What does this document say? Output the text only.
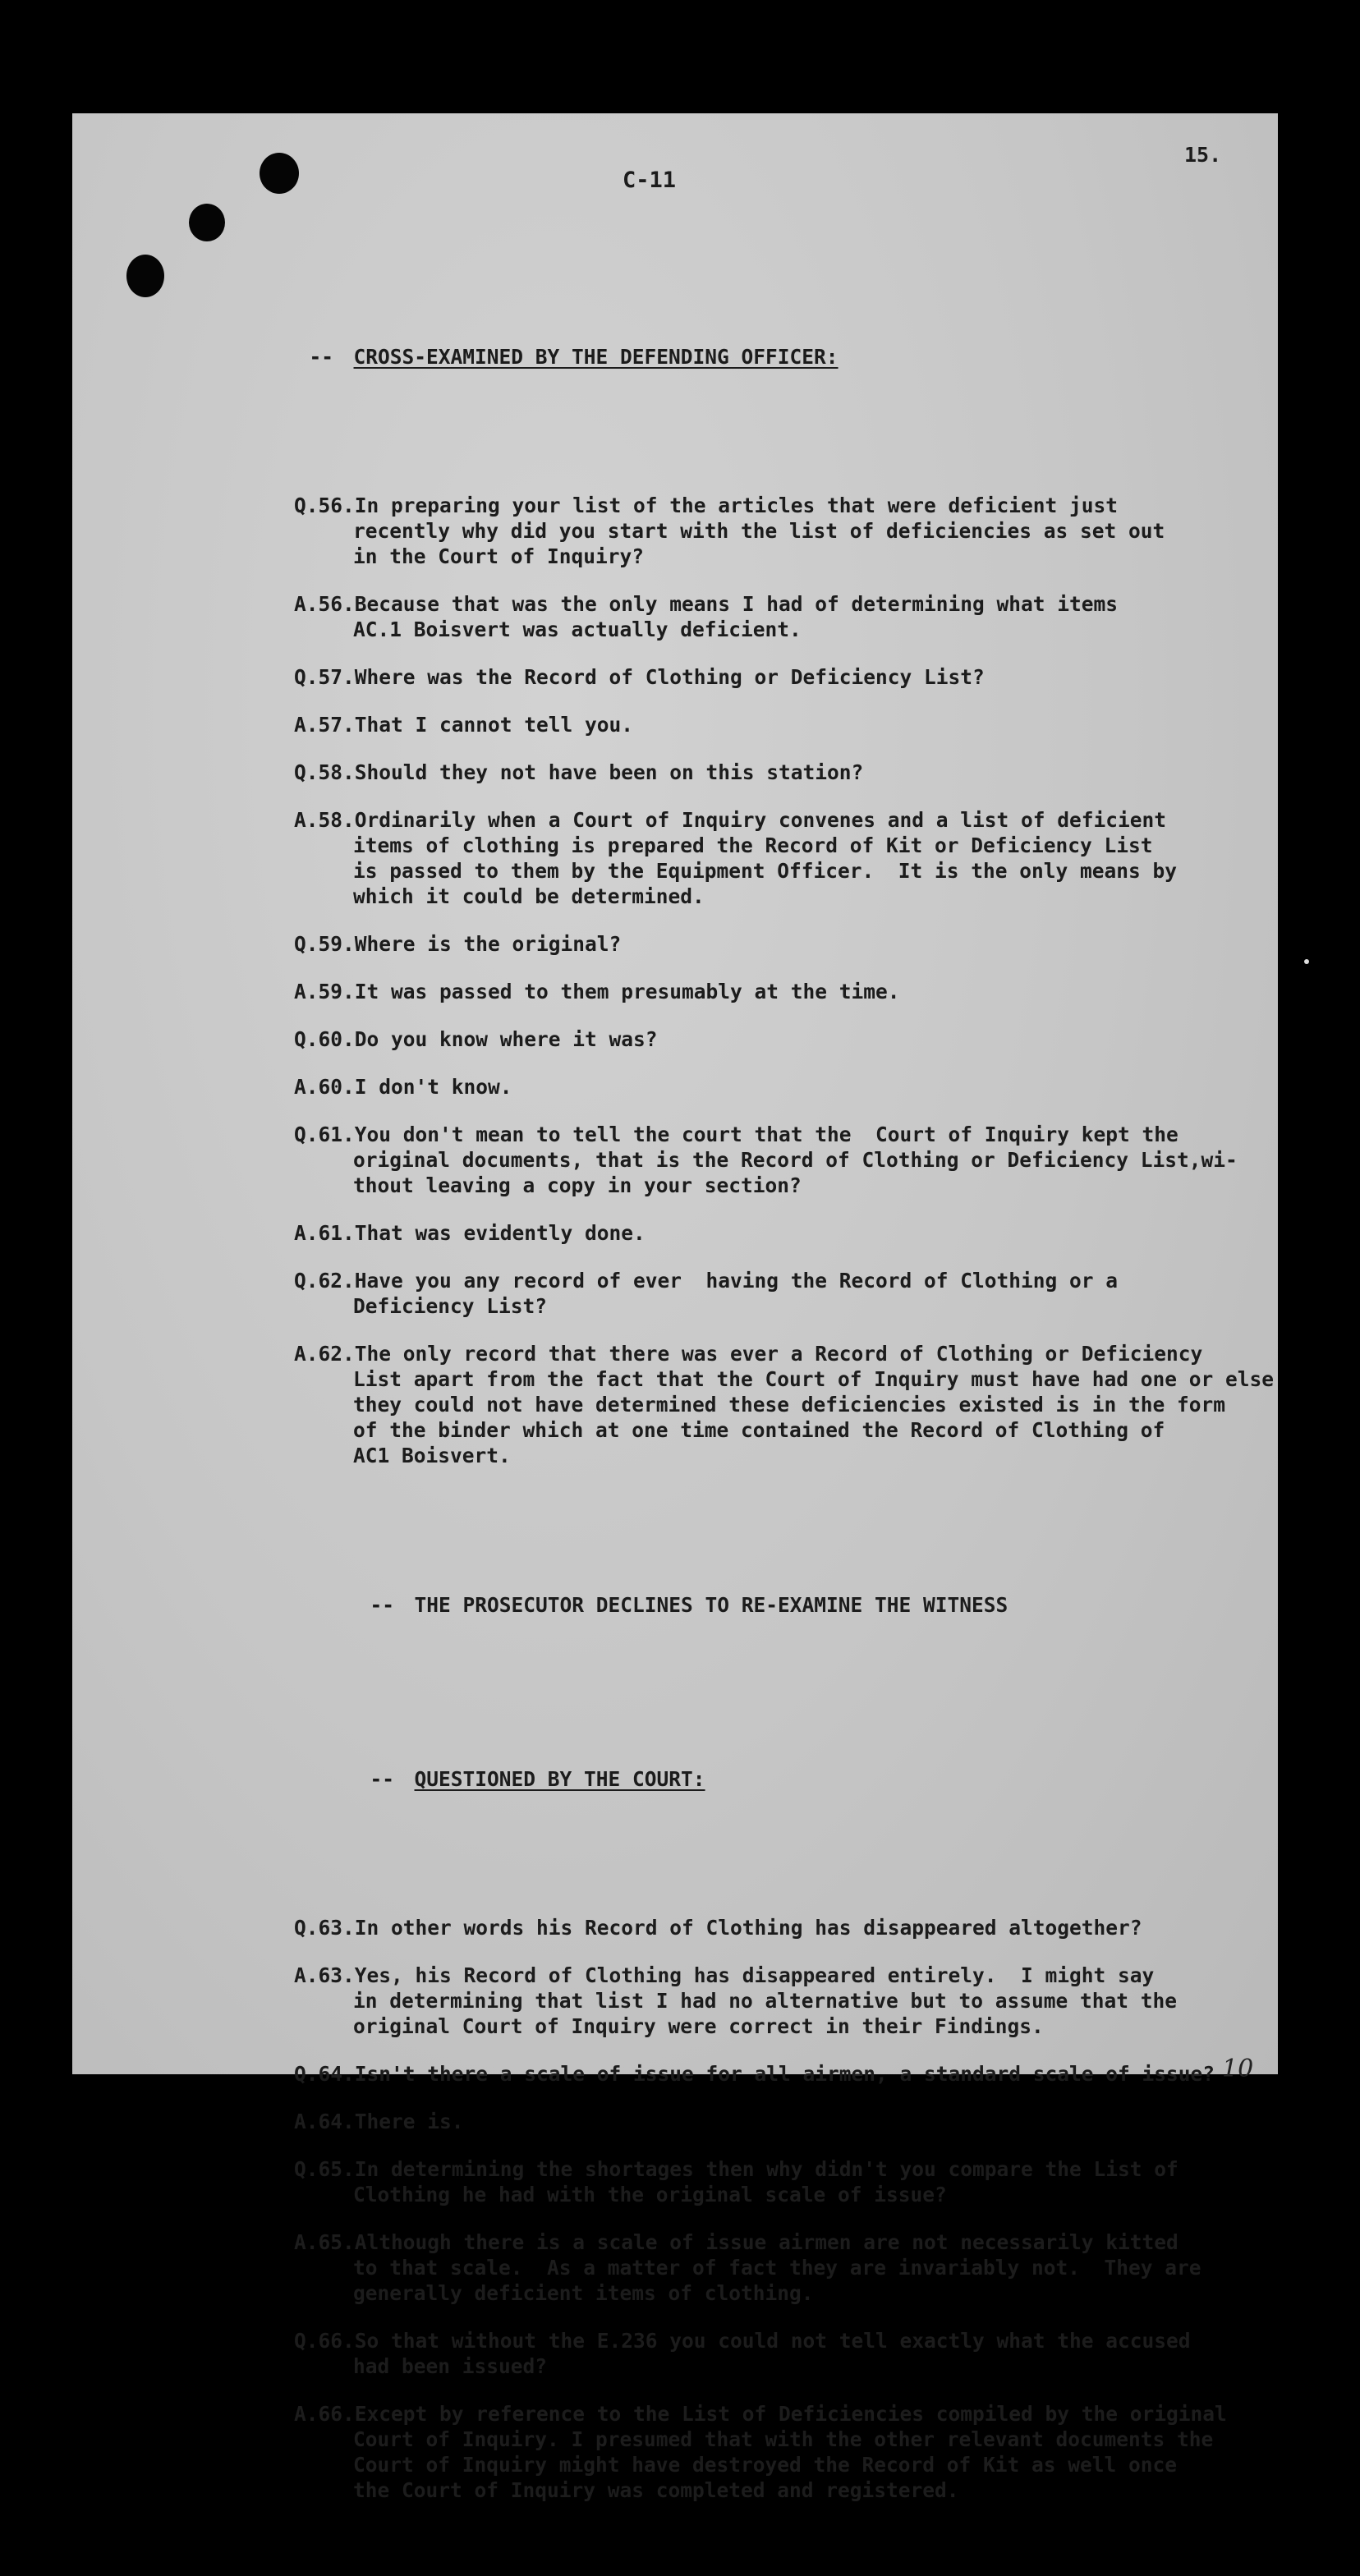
15.
C-11

-- CROSS-EXAMINED BY THE DEFENDING OFFICER:

Q.56.In preparing your list of the articles that were deficient just
recently why did you start with the list of deficiencies as set out
in the Court of Inquiry?
A.56.Because that was the only means I had of determining what items
AC.1 Boisvert was actually deficient.
Q.57.Where was the Record of Clothing or Deficiency List?
A.57.That I cannot tell you.
Q.58.Should they not have been on this station?
A.58.Ordinarily when a Court of Inquiry convenes and a list of deficient
items of clothing is prepared the Record of Kit or Deficiency List
is passed to them by the Equipment Officer.  It is the only means by
which it could be determined.
Q.59.Where is the original?
A.59.It was passed to them presumably at the time.
Q.60.Do you know where it was?
A.60.I don't know.
Q.61.You don't mean to tell the court that the  Court of Inquiry kept the
original documents, that is the Record of Clothing or Deficiency List,wi-
thout leaving a copy in your section?
A.61.That was evidently done.
Q.62.Have you any record of ever  having the Record of Clothing or a
Deficiency List?
A.62.The only record that there was ever a Record of Clothing or Deficiency
List apart from the fact that the Court of Inquiry must have had one or else
they could not have determined these deficiencies existed is in the form
of the binder which at one time contained the Record of Clothing of
AC1 Boisvert.

-- THE PROSECUTOR DECLINES TO RE-EXAMINE THE WITNESS

-- QUESTIONED BY THE COURT:

Q.63.In other words his Record of Clothing has disappeared altogether?
A.63.Yes, his Record of Clothing has disappeared entirely.  I might say
in determining that list I had no alternative but to assume that the
original Court of Inquiry were correct in their Findings.
Q.64.Isn't there a scale of issue for all airmen, a standard scale of issue?
A.64.There is.
Q.65.In determining the shortages then why didn't you compare the List of
Clothing he had with the original scale of issue?
A.65.Although there is a scale of issue airmen are not necessarily kitted
to that scale.  As a matter of fact they are invariably not.  They are
generally deficient items of clothing.
Q.66.So that without the E.236 you could not tell exactly what the accused
had been issued?
A.66.Except by reference to the List of Deficiencies compiled by the original
Court of Inquiry. I presumed that with the other relevant documents the
Court of Inquiry might have destroyed the Record of Kit as well once
the Court of Inquiry was completed and registered.

10
